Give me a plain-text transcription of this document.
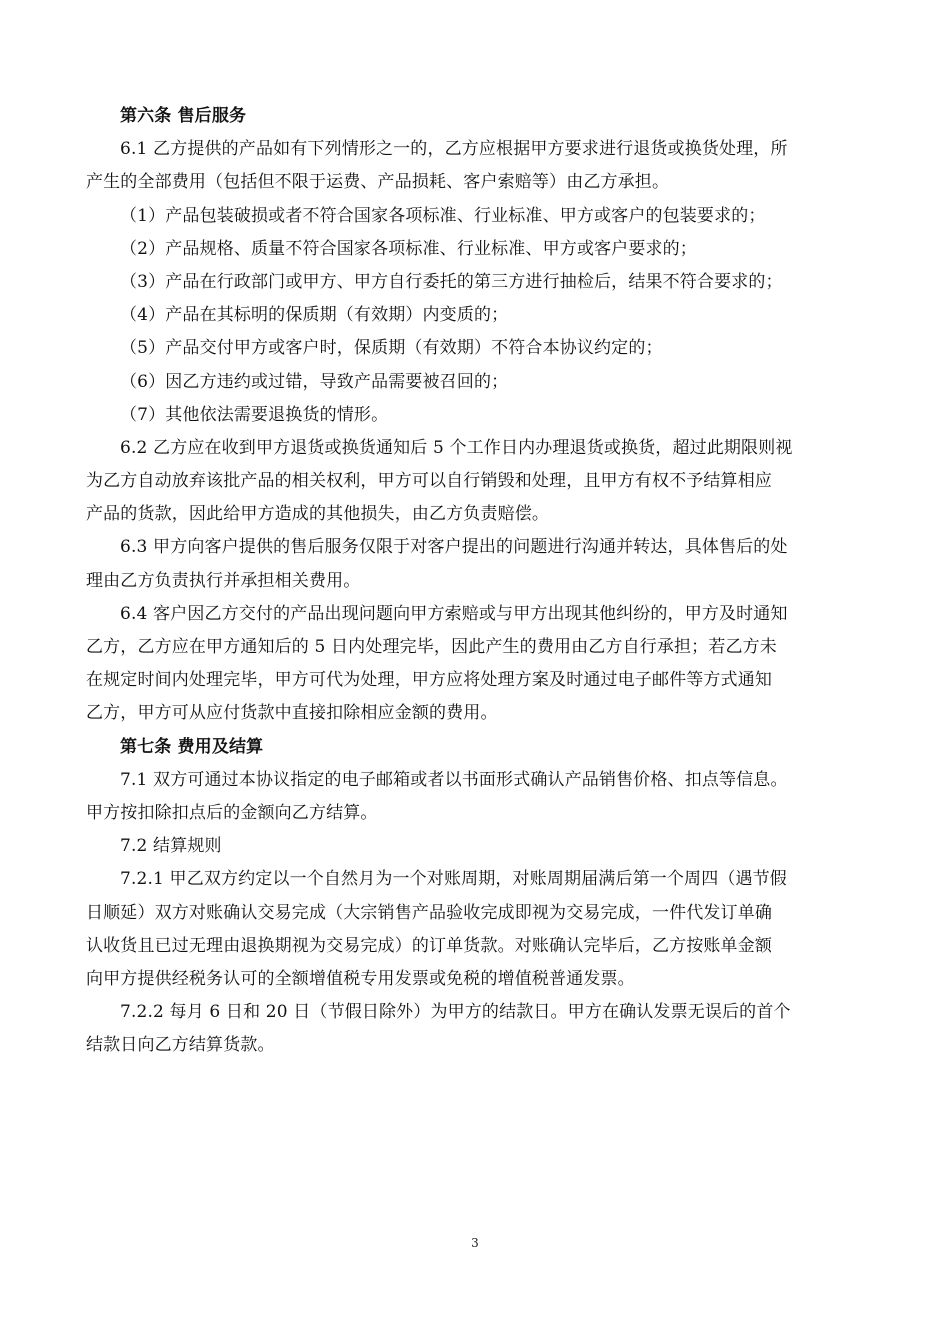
第六条 售后服务
6.1 乙方提供的产品如有下列情形之一的，乙方应根据甲方要求进行退货或换货处理，所
产生的全部费用（包括但不限于运费、产品损耗、客户索赔等）由乙方承担。
（1）产品包装破损或者不符合国家各项标准、行业标准、甲方或客户的包装要求的；
（2）产品规格、质量不符合国家各项标准、行业标准、甲方或客户要求的；
（3）产品在行政部门或甲方、甲方自行委托的第三方进行抽检后，结果不符合要求的；
（4）产品在其标明的保质期（有效期）内变质的；
（5）产品交付甲方或客户时，保质期（有效期）不符合本协议约定的；
（6）因乙方违约或过错，导致产品需要被召回的；
（7）其他依法需要退换货的情形。
6.2 乙方应在收到甲方退货或换货通知后 5 个工作日内办理退货或换货，超过此期限则视
为乙方自动放弃该批产品的相关权利，甲方可以自行销毁和处理，且甲方有权不予结算相应
产品的货款，因此给甲方造成的其他损失，由乙方负责赔偿。
6.3 甲方向客户提供的售后服务仅限于对客户提出的问题进行沟通并转达，具体售后的处
理由乙方负责执行并承担相关费用。
6.4 客户因乙方交付的产品出现问题向甲方索赔或与甲方出现其他纠纷的，甲方及时通知
乙方，乙方应在甲方通知后的 5 日内处理完毕，因此产生的费用由乙方自行承担；若乙方未
在规定时间内处理完毕，甲方可代为处理，甲方应将处理方案及时通过电子邮件等方式通知
乙方，甲方可从应付货款中直接扣除相应金额的费用。
第七条 费用及结算
7.1 双方可通过本协议指定的电子邮箱或者以书面形式确认产品销售价格、扣点等信息。
甲方按扣除扣点后的金额向乙方结算。
7.2 结算规则
7.2.1 甲乙双方约定以一个自然月为一个对账周期，对账周期届满后第一个周四（遇节假
日顺延）双方对账确认交易完成（大宗销售产品验收完成即视为交易完成，一件代发订单确
认收货且已过无理由退换期视为交易完成）的订单货款。对账确认完毕后，乙方按账单金额
向甲方提供经税务认可的全额增值税专用发票或免税的增值税普通发票。
7.2.2 每月 6 日和 20 日（节假日除外）为甲方的结款日。甲方在确认发票无误后的首个
结款日向乙方结算货款。
3
